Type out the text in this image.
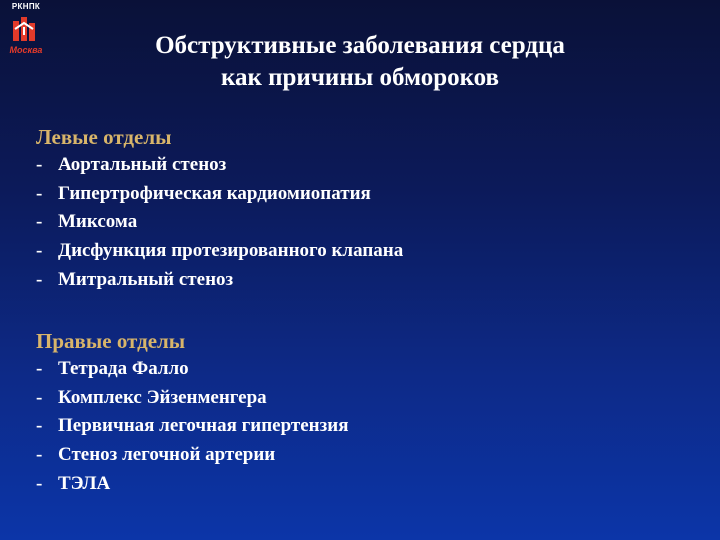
РКНПК
Москва	Обструктивные заболевания сердца
как причины обмороков
Левые отделы
- Аортальный стеноз
- Гипертрофическая кардиомиопатия
- Миксома
- Дисфункция протезированного клапана
- Митральный стеноз
Правые отделы
- Тетрада Фалло
- Комплекс Эйзенменгера
- Первичная легочная гипертензия
- Стеноз легочной артерии
- ТЭЛА
